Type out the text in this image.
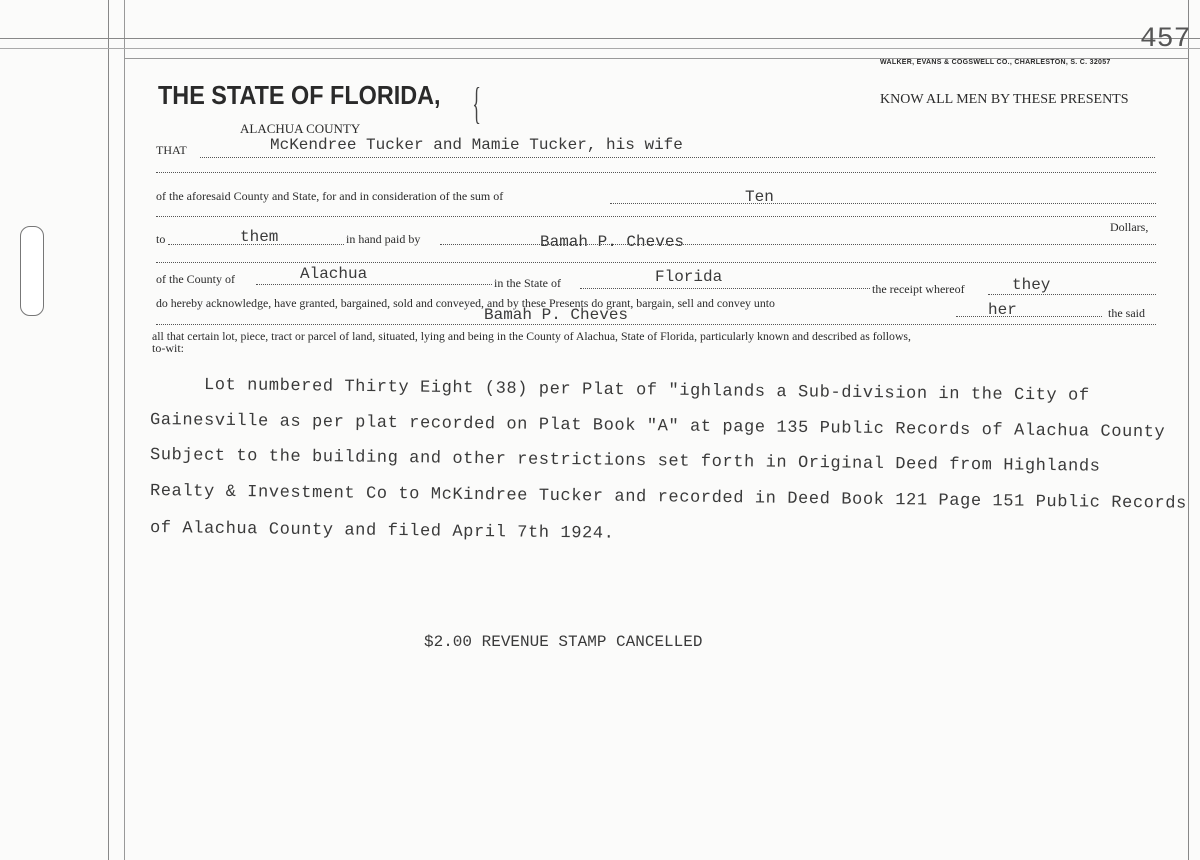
457
WALKER, EVANS & COGSWELL CO., CHARLESTON, S. C. 32057
THE STATE OF FLORIDA, {	KNOW ALL MEN BY THESE PRESENTS
ALACHUA COUNTY
THAT	McKendree Tucker and Mamie Tucker, his wife
of the aforesaid County and State, for and in consideration of the sum of	Ten
Dollars,
to	them	in hand paid by	Bamah P. Cheves
of the County of	Alachua	in the State of	Florida
the receipt whereof	they
do hereby acknowledge, have granted, bargained, sold and conveyed, and by these Presents do grant, bargain, sell and convey unto	her	the said
Bamah P. Cheves
all that certain lot, piece, tract or parcel of land, situated, lying and being in the County of Alachua, State of Florida, particularly known and described as follows,
to-wit:
Lot numbered Thirty Eight (38) per Plat of "ighlands a Sub-division in the City of
Gainesville as per plat recorded on Plat Book "A" at page 135 Public Records of Alachua County
Subject to the building and other restrictions set forth in Original Deed from Highlands
Realty & Investment Co to McKindree Tucker and recorded in Deed Book 121 Page 151 Public Records
of Alachua County and filed April 7th 1924.
$2.00 REVENUE STAMP CANCELLED
